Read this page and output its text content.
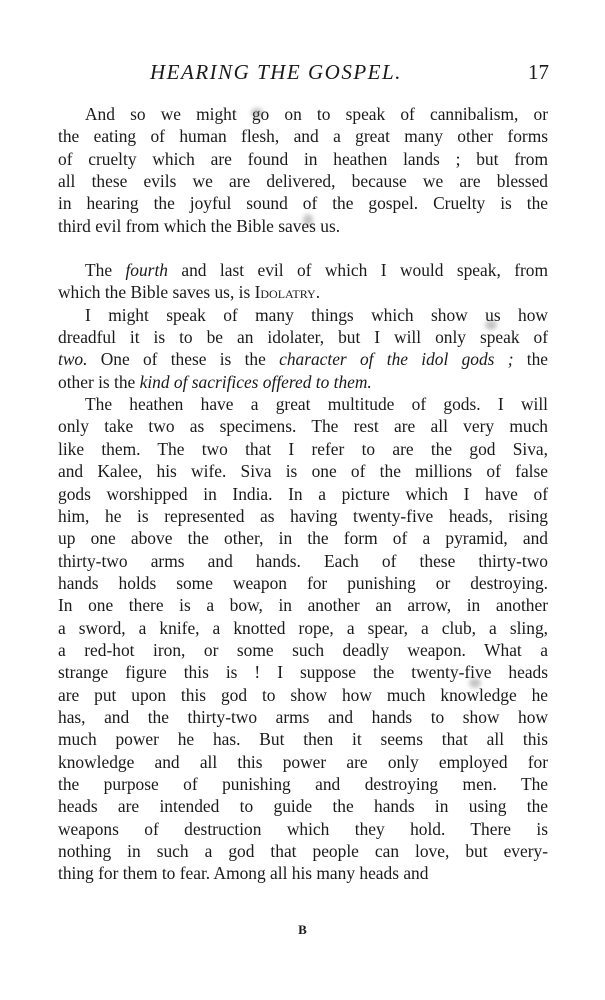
HEARING THE GOSPEL.	17
And so we might go on to speak of cannibalism, or
the eating of human flesh, and a great many other forms
of cruelty which are found in heathen lands ; but from
all these evils we are delivered, because we are blessed
in hearing the joyful sound of the gospel. Cruelty is the
third evil from which the Bible saves us.
The fourth and last evil of which I would speak, from
which the Bible saves us, is Idolatry.
I might speak of many things which show us how
dreadful it is to be an idolater, but I will only speak of
two. One of these is the character of the idol gods ; the
other is the kind of sacrifices offered to them.
The heathen have a great multitude of gods. I will
only take two as specimens. The rest are all very much
like them. The two that I refer to are the god Siva,
and Kalee, his wife. Siva is one of the millions of false
gods worshipped in India. In a picture which I have of
him, he is represented as having twenty-five heads, rising
up one above the other, in the form of a pyramid, and
thirty-two arms and hands. Each of these thirty-two
hands holds some weapon for punishing or destroying.
In one there is a bow, in another an arrow, in another
a sword, a knife, a knotted rope, a spear, a club, a sling,
a red-hot iron, or some such deadly weapon. What a
strange figure this is ! I suppose the twenty-five heads
are put upon this god to show how much knowledge he
has, and the thirty-two arms and hands to show how
much power he has. But then it seems that all this
knowledge and all this power are only employed for
the purpose of punishing and destroying men. The
heads are intended to guide the hands in using the
weapons of destruction which they hold. There is
nothing in such a god that people can love, but every-
thing for them to fear. Among all his many heads and
B
